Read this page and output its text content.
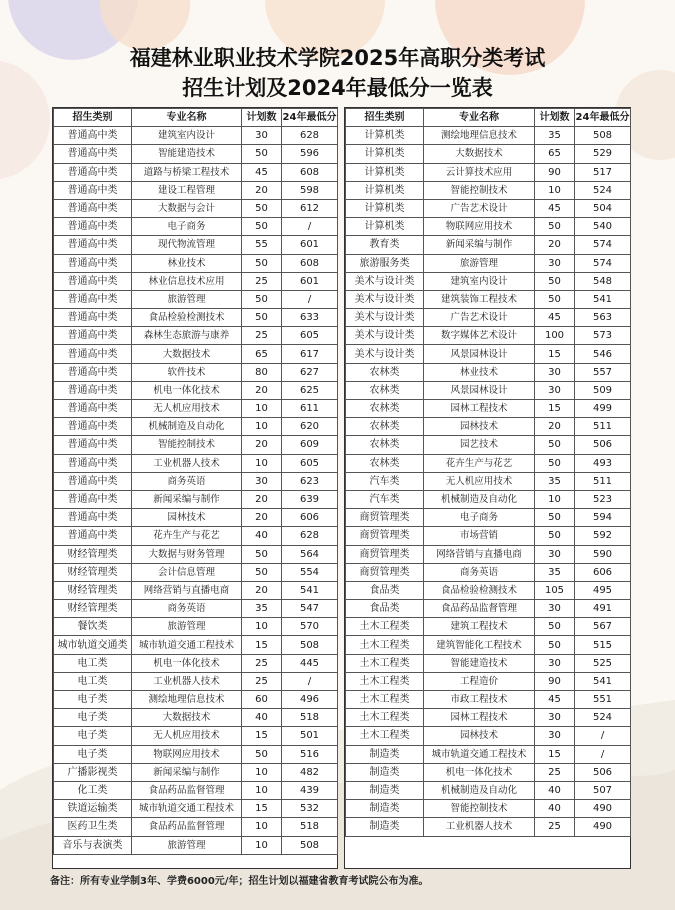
福建林业职业技术学院2025年高职分类考试
招生计划及2024年最低分一览表
招生类别	专业名称	计划数	24年最低分
普通高中类	建筑室内设计	30	628
普通高中类	智能建造技术	50	596
普通高中类	道路与桥梁工程技术	45	608
普通高中类	建设工程管理	20	598
普通高中类	大数据与会计	50	612
普通高中类	电子商务	50	/
普通高中类	现代物流管理	55	601
普通高中类	林业技术	50	608
普通高中类	林业信息技术应用	25	601
普通高中类	旅游管理	50	/
普通高中类	食品检验检测技术	50	633
普通高中类	森林生态旅游与康养	25	605
普通高中类	大数据技术	65	617
普通高中类	软件技术	80	627
普通高中类	机电一体化技术	20	625
普通高中类	无人机应用技术	10	611
普通高中类	机械制造及自动化	10	620
普通高中类	智能控制技术	20	609
普通高中类	工业机器人技术	10	605
普通高中类	商务英语	30	623
普通高中类	新闻采编与制作	20	639
普通高中类	园林技术	20	606
普通高中类	花卉生产与花艺	40	628
财经管理类	大数据与财务管理	50	564
财经管理类	会计信息管理	50	554
财经管理类	网络营销与直播电商	20	541
财经管理类	商务英语	35	547
餐饮类	旅游管理	10	570
城市轨道交通类	城市轨道交通工程技术	15	508
电工类	机电一体化技术	25	445
电工类	工业机器人技术	25	/
电子类	测绘地理信息技术	60	496
电子类	大数据技术	40	518
电子类	无人机应用技术	15	501
电子类	物联网应用技术	50	516
广播影视类	新闻采编与制作	10	482
化工类	食品药品监督管理	10	439
铁道运输类	城市轨道交通工程技术	15	532
医药卫生类	食品药品监督管理	10	518
音乐与表演类	旅游管理	10	508
招生类别	专业名称	计划数	24年最低分
计算机类	测绘地理信息技术	35	508
计算机类	大数据技术	65	529
计算机类	云计算技术应用	90	517
计算机类	智能控制技术	10	524
计算机类	广告艺术设计	45	504
计算机类	物联网应用技术	50	540
教育类	新闻采编与制作	20	574
旅游服务类	旅游管理	30	574
美术与设计类	建筑室内设计	50	548
美术与设计类	建筑装饰工程技术	50	541
美术与设计类	广告艺术设计	45	563
美术与设计类	数字媒体艺术设计	100	573
美术与设计类	风景园林设计	15	546
农林类	林业技术	30	557
农林类	风景园林设计	30	509
农林类	园林工程技术	15	499
农林类	园林技术	20	511
农林类	园艺技术	50	506
农林类	花卉生产与花艺	50	493
汽车类	无人机应用技术	35	511
汽车类	机械制造及自动化	10	523
商贸管理类	电子商务	50	594
商贸管理类	市场营销	50	592
商贸管理类	网络营销与直播电商	30	590
商贸管理类	商务英语	35	606
食品类	食品检验检测技术	105	495
食品类	食品药品监督管理	30	491
土木工程类	建筑工程技术	50	567
土木工程类	建筑智能化工程技术	50	515
土木工程类	智能建造技术	30	525
土木工程类	工程造价	90	541
土木工程类	市政工程技术	45	551
土木工程类	园林工程技术	30	524
土木工程类	园林技术	30	/
制造类	城市轨道交通工程技术	15	/
制造类	机电一体化技术	25	506
制造类	机械制造及自动化	40	507
制造类	智能控制技术	40	490
制造类	工业机器人技术	25	490
备注：所有专业学制3年、学费6000元/年；招生计划以福建省教育考试院公布为准。
